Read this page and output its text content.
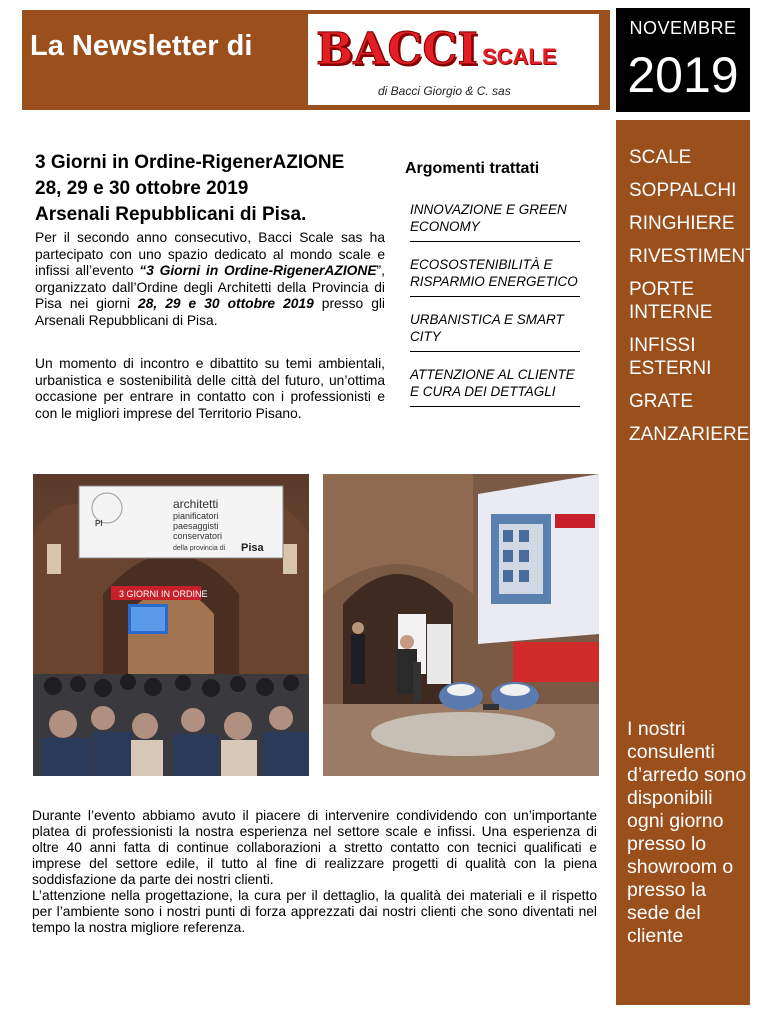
La Newsletter di BACCI SCALE
di Bacci Giorgio & C. sas
NOVEMBRE
2019
SCALE
SOPPALCHI
RINGHIERE
RIVESTIMENTI
PORTE INTERNE
INFISSI ESTERNI
GRATE
ZANZARIERE
I nostri consulenti d’arredo sono disponibili ogni giorno presso lo showroom o presso la sede del cliente
3 Giorni in Ordine-RigenerAZIONE
28, 29 e 30 ottobre 2019
Arsenali Repubblicani di Pisa.
Per il secondo anno consecutivo, Bacci Scale sas ha partecipato con uno spazio dedicato al mondo scale e infissi all’evento “3 Giorni in Ordine-RigenerAZIONE”, organizzato dall’Ordine degli Architetti della Provincia di Pisa nei giorni 28, 29 e 30 ottobre 2019 presso gli Arsenali Repubblicani di Pisa.
Un momento di incontro e dibattito su temi ambientali, urbanistica e sostenibilità delle città del futuro, un’ottima occasione per entrare in contatto con i professionisti e con le migliori imprese del Territorio Pisano.
Argomenti trattati
INNOVAZIONE E GREEN ECONOMY
ECOSOSTENIBILITÀ E RISPARMIO ENERGETICO
URBANISTICA E SMART CITY
ATTENZIONE AL CLIENTE E CURA DEI DETTAGLI
architetti
pianificatori
paesaggisti
conservatori
della provincia di Pisa
PI
3 GIORNI IN ORDINE
Durante l’evento abbiamo avuto il piacere di intervenire condividendo con un’importante platea di professionisti la nostra esperienza nel settore scale e infissi. Una esperienza di oltre 40 anni fatta di continue collaborazioni a stretto contatto con tecnici qualificati e imprese del settore edile, il tutto al fine di realizzare progetti di qualità con la piena soddisfazione da parte dei nostri clienti.
L’attenzione nella progettazione, la cura per il dettaglio, la qualità dei materiali e il rispetto per l’ambiente sono i nostri punti di forza apprezzati dai nostri clienti che sono diventati nel tempo la nostra migliore referenza.
